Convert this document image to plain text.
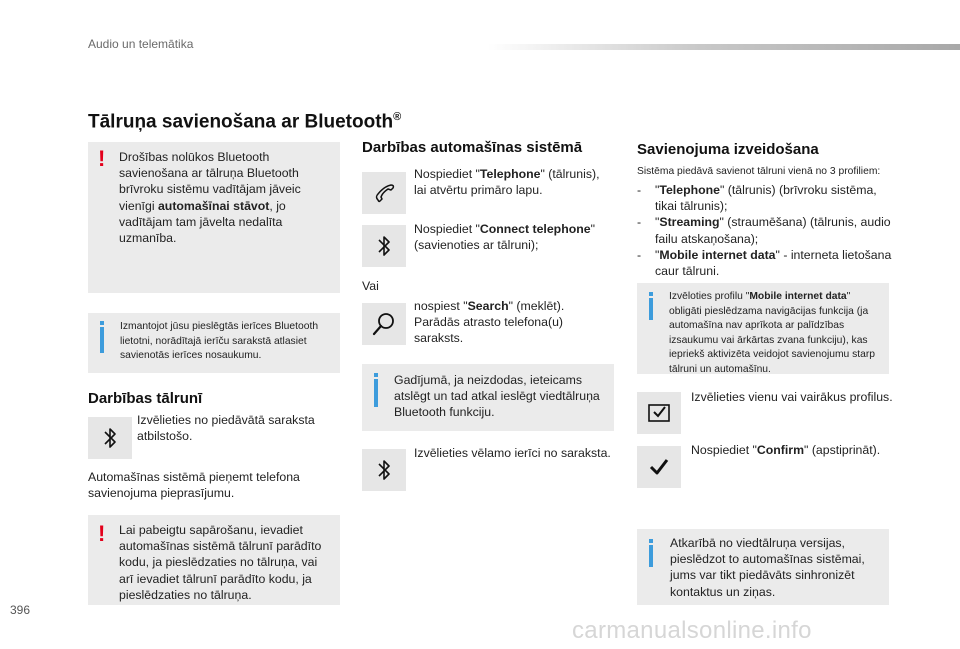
Audio un telemātika
Tālruņa savienošana ar Bluetooth®
! Drošības nolūkos Bluetooth savienošana ar tālruņa Bluetooth brīvroku sistēmu vadītājam jāveic vienīgi automašīnai stāvot, jo vadītājam tam jāvelta nedalīta uzmanība.
Izmantojot jūsu pieslēgtās ierīces Bluetooth lietotni, norādītajā ierīču sarakstā atlasiet savienotās ierīces nosaukumu.
Darbības tālrunī
Izvēlieties no piedāvātā saraksta atbilstošo.
Automašīnas sistēmā pieņemt telefona savienojuma pieprasījumu.
! Lai pabeigtu sapārošanu, ievadiet automašīnas sistēmā tālrunī parādīto kodu, ja pieslēdzaties no tālruņa, vai arī ievadiet tālrunī parādīto kodu, ja pieslēdzaties no tālruņa.
Darbības automašīnas sistēmā
Nospiediet "Telephone" (tālrunis), lai atvērtu primāro lapu.
Nospiediet "Connect telephone" (savienoties ar tālruni);
Vai
nospiest "Search" (meklēt).
Parādās atrasto telefona(u) saraksts.
Gadījumā, ja neizdodas, ieteicams atslēgt un tad atkal ieslēgt viedtālruņa Bluetooth funkciju.
Izvēlieties vēlamo ierīci no saraksta.
Savienojuma izveidošana
Sistēma piedāvā savienot tālruni vienā no 3 profiliem:
- "Telephone" (tālrunis) (brīvroku sistēma, tikai tālrunis);
- "Streaming" (straumēšana) (tālrunis, audio failu atskaņošana);
- "Mobile internet data" - interneta lietošana caur tālruni.
Izvēloties profilu "Mobile internet data" obligāti pieslēdzama navigācijas funkcija (ja automašīna nav aprīkota ar palīdzības izsaukumu vai ārkārtas zvana funkciju), kas iepriekš aktivizēta veidojot savienojumu starp tālruni un automašīnu.
Izvēlieties vienu vai vairākus profilus.
Nospiediet "Confirm" (apstiprināt).
Atkarībā no viedtālruņa versijas, pieslēdzot to automašīnas sistēmai, jums var tikt piedāvāts sinhronizēt kontaktus un ziņas.
396
carmanualsonline.info
